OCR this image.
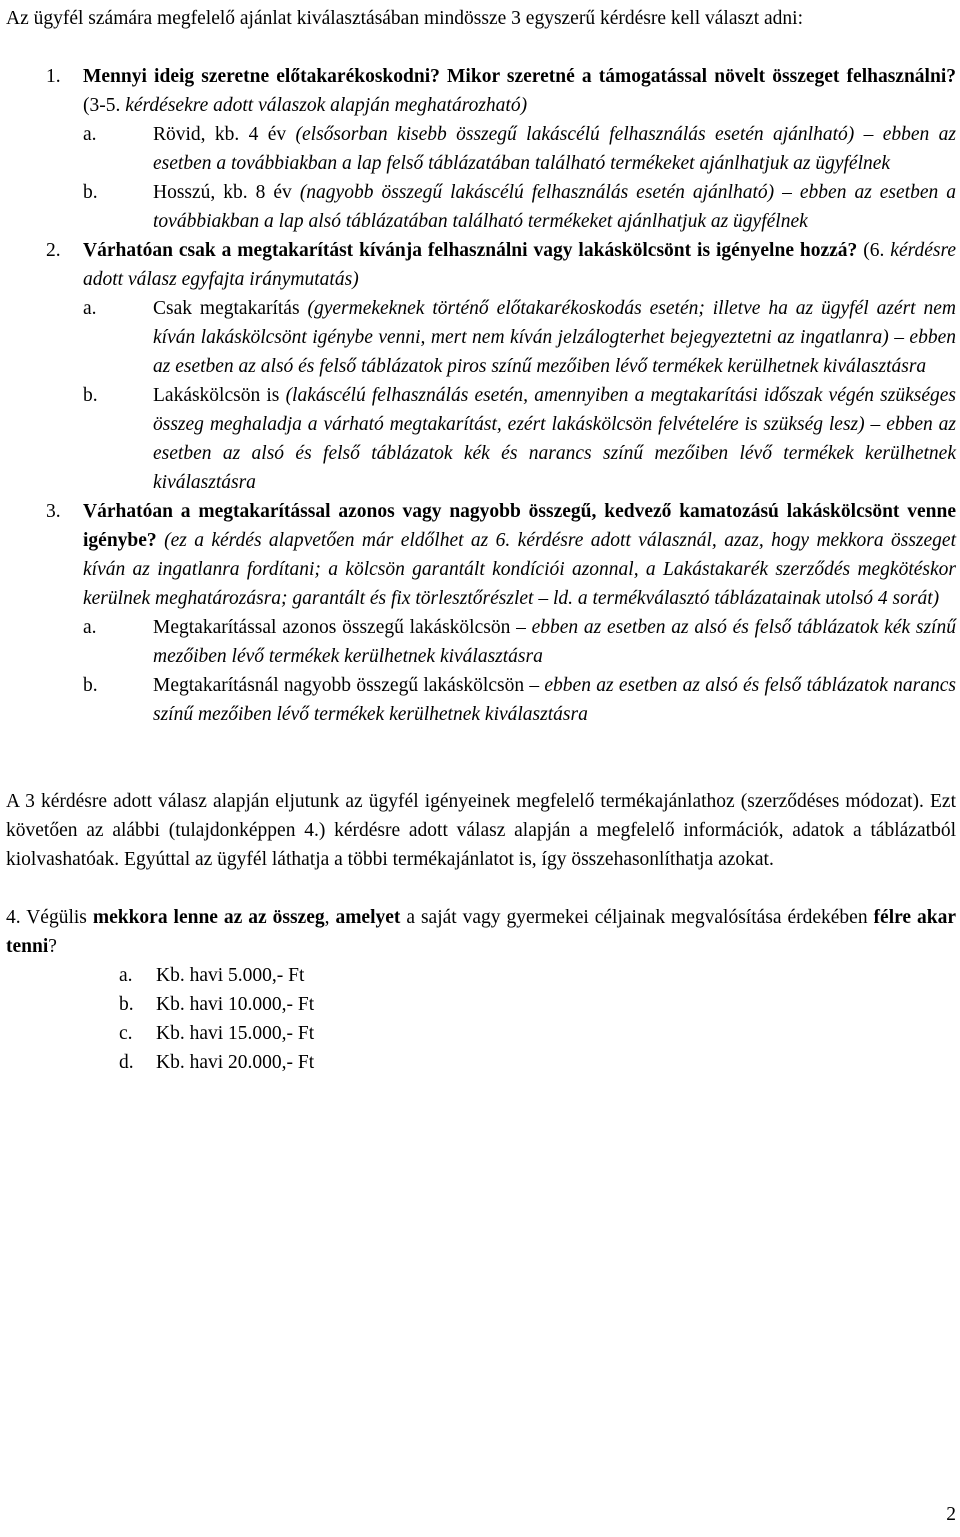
Az ügyfél számára megfelelő ajánlat kiválasztásában mindössze 3 egyszerű kérdésre kell választ adni:

1.	Mennyi ideig szeretne előtakarékoskodni? Mikor szeretné a támogatással növelt összeget felhasználni? (3-5. kérdésekre adott válaszok alapján meghatározható)
a.	Rövid, kb. 4 év (elsősorban kisebb összegű lakáscélú felhasználás esetén ajánlható) – ebben az esetben a továbbiakban a lap felső táblázatában található termékeket ajánlhatjuk az ügyfélnek
b.	Hosszú, kb. 8 év (nagyobb összegű lakáscélú felhasználás esetén ajánlható) – ebben az esetben a továbbiakban a lap alsó táblázatában található termékeket ajánlhatjuk az ügyfélnek
2.	Várhatóan csak a megtakarítást kívánja felhasználni vagy lakáskölcsönt is igényelne hozzá? (6. kérdésre adott válasz egyfajta iránymutatás)
a.	Csak megtakarítás (gyermekeknek történő előtakarékoskodás esetén; illetve ha az ügyfél azért nem kíván lakáskölcsönt igénybe venni, mert nem kíván jelzálogterhet bejegyeztetni az ingatlanra) – ebben az esetben az alsó és felső táblázatok piros színű mezőiben lévő termékek kerülhetnek kiválasztásra
b.	Lakáskölcsön is (lakáscélú felhasználás esetén, amennyiben a megtakarítási időszak végén szükséges összeg meghaladja a várható megtakarítást, ezért lakáskölcsön felvételére is szükség lesz) – ebben az esetben az alsó és felső táblázatok kék és narancs színű mezőiben lévő termékek kerülhetnek kiválasztásra
3.	Várhatóan a megtakarítással azonos vagy nagyobb összegű, kedvező kamatozású lakáskölcsönt venne igénybe? (ez a kérdés alapvetően már eldőlhet az 6. kérdésre adott válasznál, azaz, hogy mekkora összeget kíván az ingatlanra fordítani; a kölcsön garantált kondíciói azonnal, a Lakástakarék szerződés megkötéskor kerülnek meghatározásra; garantált és fix törlesztőrészlet – ld. a termékválasztó táblázatainak utolsó 4 sorát)
a.	Megtakarítással azonos összegű lakáskölcsön – ebben az esetben az alsó és felső táblázatok kék színű mezőiben lévő termékek kerülhetnek kiválasztásra
b.	Megtakarításnál nagyobb összegű lakáskölcsön – ebben az esetben az alsó és felső táblázatok narancs színű mezőiben lévő termékek kerülhetnek kiválasztásra

A 3 kérdésre adott válasz alapján eljutunk az ügyfél igényeinek megfelelő termékajánlathoz (szerződéses módozat). Ezt követően az alábbi (tulajdonképpen 4.) kérdésre adott válasz alapján a megfelelő információk, adatok a táblázatból kiolvashatóak. Egyúttal az ügyfél láthatja a többi termékajánlatot is, így összehasonlíthatja azokat.

4. Végülis mekkora lenne az az összeg, amelyet a saját vagy gyermekei céljainak megvalósítása érdekében félre akar tenni?

a.	Kb. havi 5.000,- Ft
b.	Kb. havi 10.000,- Ft
c.	Kb. havi 15.000,- Ft
d.	Kb. havi 20.000,- Ft
2
